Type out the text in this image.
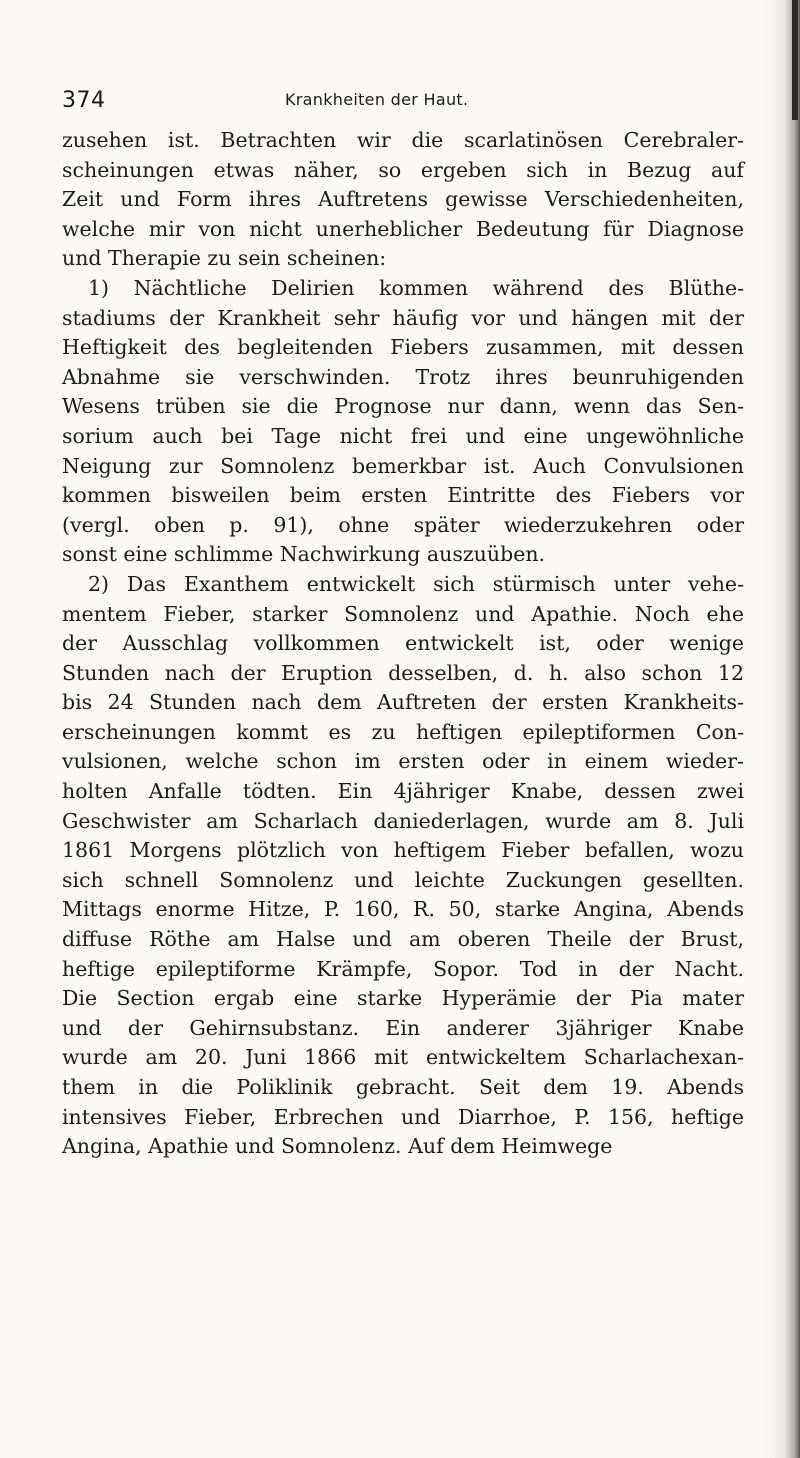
374	Krankheiten der Haut.
zusehen ist. Betrachten wir die scarlatinösen Cerebraler-
scheinungen etwas näher, so ergeben sich in Bezug auf
Zeit und Form ihres Auftretens gewisse Verschiedenheiten,
welche mir von nicht unerheblicher Bedeutung für Diagnose
und Therapie zu sein scheinen:
1) Nächtliche Delirien kommen während des Blüthe-
stadiums der Krankheit sehr häufig vor und hängen mit der
Heftigkeit des begleitenden Fiebers zusammen, mit dessen
Abnahme sie verschwinden. Trotz ihres beunruhigenden
Wesens trüben sie die Prognose nur dann, wenn das Sen-
sorium auch bei Tage nicht frei und eine ungewöhnliche
Neigung zur Somnolenz bemerkbar ist. Auch Convulsionen
kommen bisweilen beim ersten Eintritte des Fiebers vor
(vergl. oben p. 91), ohne später wiederzukehren oder
sonst eine schlimme Nachwirkung auszuüben.
2) Das Exanthem entwickelt sich stürmisch unter vehe-
mentem Fieber, starker Somnolenz und Apathie. Noch ehe
der Ausschlag vollkommen entwickelt ist, oder wenige
Stunden nach der Eruption desselben, d. h. also schon 12
bis 24 Stunden nach dem Auftreten der ersten Krankheits-
erscheinungen kommt es zu heftigen epileptiformen Con-
vulsionen, welche schon im ersten oder in einem wieder-
holten Anfalle tödten. Ein 4jähriger Knabe, dessen zwei
Geschwister am Scharlach daniederlagen, wurde am 8. Juli
1861 Morgens plötzlich von heftigem Fieber befallen, wozu
sich schnell Somnolenz und leichte Zuckungen gesellten.
Mittags enorme Hitze, P. 160, R. 50, starke Angina, Abends
diffuse Röthe am Halse und am oberen Theile der Brust,
heftige epileptiforme Krämpfe, Sopor. Tod in der Nacht.
Die Section ergab eine starke Hyperämie der Pia mater
und der Gehirnsubstanz. Ein anderer 3jähriger Knabe
wurde am 20. Juni 1866 mit entwickeltem Scharlachexan-
them in die Poliklinik gebracht. Seit dem 19. Abends
intensives Fieber, Erbrechen und Diarrhoe, P. 156, heftige
Angina, Apathie und Somnolenz. Auf dem Heimwege
